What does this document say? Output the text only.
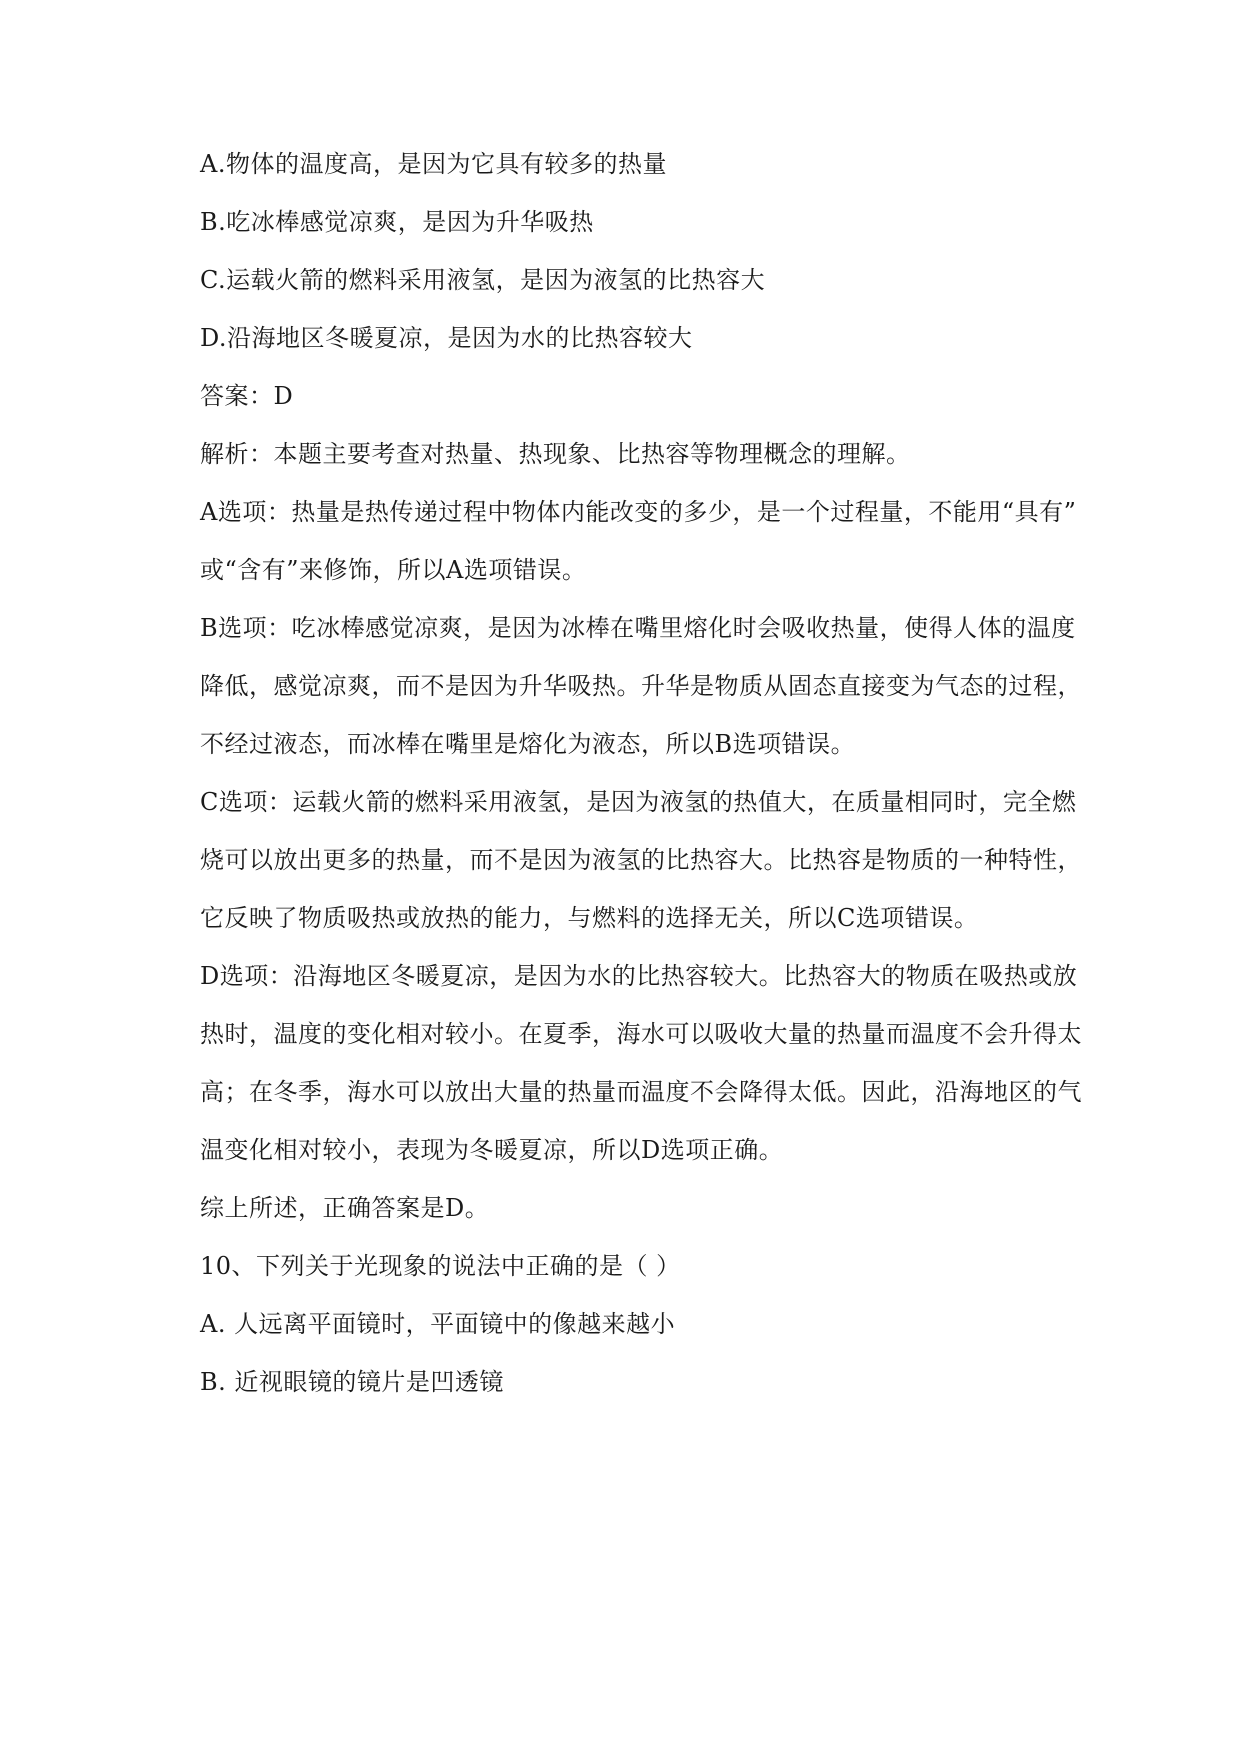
A.物体的温度高，是因为它具有较多的热量
B.吃冰棒感觉凉爽，是因为升华吸热
C.运载火箭的燃料采用液氢，是因为液氢的比热容大
D.沿海地区冬暖夏凉，是因为水的比热容较大
答案：D
解析：本题主要考查对热量、热现象、比热容等物理概念的理解。
A选项：热量是热传递过程中物体内能改变的多少，是一个过程量，不能用“具有”
或“含有”来修饰，所以A选项错误。
B选项：吃冰棒感觉凉爽，是因为冰棒在嘴里熔化时会吸收热量，使得人体的温度
降低，感觉凉爽，而不是因为升华吸热。升华是物质从固态直接变为气态的过程，
不经过液态，而冰棒在嘴里是熔化为液态，所以B选项错误。
C选项：运载火箭的燃料采用液氢，是因为液氢的热值大，在质量相同时，完全燃
烧可以放出更多的热量，而不是因为液氢的比热容大。比热容是物质的一种特性，
它反映了物质吸热或放热的能力，与燃料的选择无关，所以C选项错误。
D选项：沿海地区冬暖夏凉，是因为水的比热容较大。比热容大的物质在吸热或放
热时，温度的变化相对较小。在夏季，海水可以吸收大量的热量而温度不会升得太
高；在冬季，海水可以放出大量的热量而温度不会降得太低。因此，沿海地区的气
温变化相对较小，表现为冬暖夏凉，所以D选项正确。
综上所述，正确答案是D。
10、下列关于光现象的说法中正确的是（ ）
A. 人远离平面镜时，平面镜中的像越来越小
B. 近视眼镜的镜片是凹透镜
